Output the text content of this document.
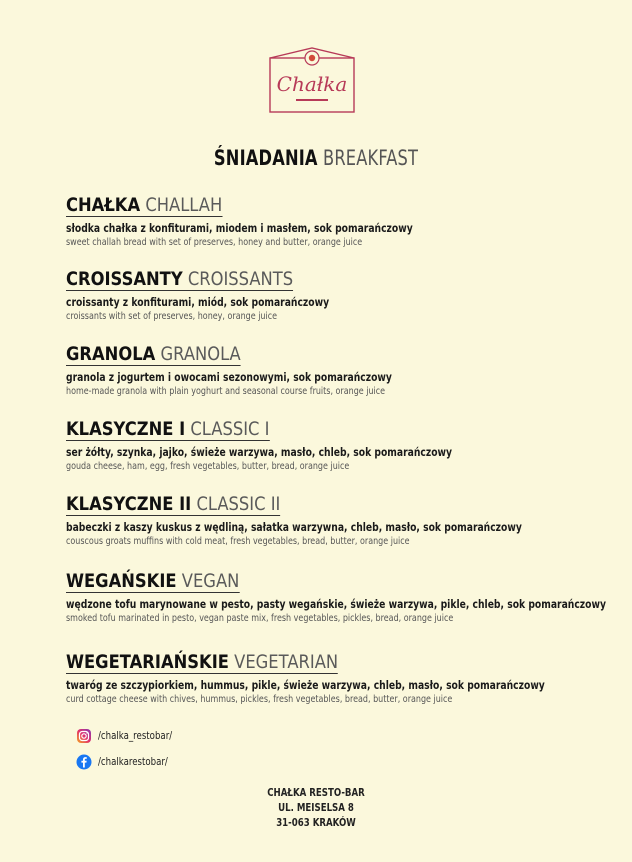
Chałka
ŚNIADANIA BREAKFAST
CHAŁKA CHALLAH
słodka chałka z konfiturami, miodem i masłem, sok pomarańczowy
sweet challah bread with set of preserves, honey and butter, orange juice
CROISSANTY CROISSANTS
croissanty z konfiturami, miód, sok pomarańczowy
croissants with set of preserves, honey, orange juice
GRANOLA GRANOLA
granola z jogurtem i owocami sezonowymi, sok pomarańczowy
home-made granola with plain yoghurt and seasonal course fruits, orange juice
KLASYCZNE I CLASSIC I
ser żółty, szynka, jajko, świeże warzywa, masło, chleb, sok pomarańczowy
gouda cheese, ham, egg, fresh vegetables, butter, bread, orange juice
KLASYCZNE II CLASSIC II
babeczki z kaszy kuskus z wędliną, sałatka warzywna, chleb, masło, sok pomarańczowy
couscous groats muffins with cold meat, fresh vegetables, bread, butter, orange juice
WEGAŃSKIE VEGAN
wędzone tofu marynowane w pesto, pasty wegańskie, świeże warzywa, pikle, chleb, sok pomarańczowy
smoked tofu marinated in pesto, vegan paste mix, fresh vegetables, pickles, bread, orange juice
WEGETARIAŃSKIE VEGETARIAN
twaróg ze szczypiorkiem, hummus, pikle, świeże warzywa, chleb, masło, sok pomarańczowy
curd cottage cheese with chives, hummus, pickles, fresh vegetables, bread, butter, orange juice
/chalka_restobar/
/chalkarestobar/
CHAŁKA RESTO-BAR
UL. MEISELSA 8
31-063 KRAKÓW
